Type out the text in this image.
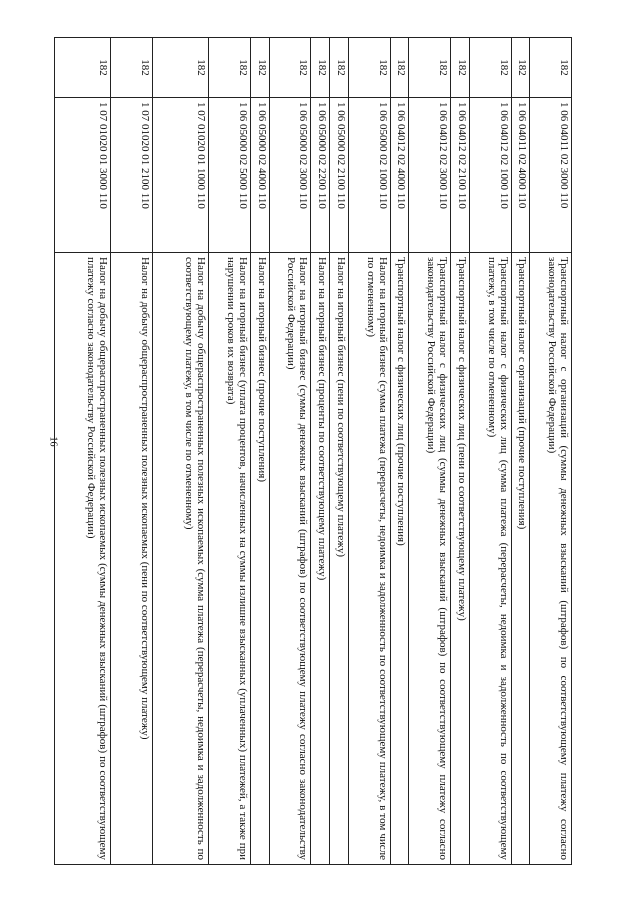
16
182	1 06 04011 02 3000 110	Транспортный налог с организаций (суммы денежных взысканий (штрафов) по соответствующему платежу согласно законодательству Российской Федерации)
182	1 06 04011 02 4000 110	Транспортный налог с организаций (прочие поступления)
182	1 06 04012 02 1000 110	Транспортный налог с физических лиц (сумма платежа (перерасчеты, недоимка и задолженность по соответствующему платежу, в том числе по отмененному)
182	1 06 04012 02 2100 110	Транспортный налог с физических лиц (пени по соответствующему платежу)
182	1 06 04012 02 3000 110	Транспортный налог с физических лиц (суммы денежных взысканий (штрафов) по соответствующему платежу согласно законодательству Российской Федерации)
182	1 06 04012 02 4000 110	Транспортный налог с физических лиц (прочие поступления)
182	1 06 05000 02 1000 110	Налог на игорный бизнес (сумма платежа (перерасчеты, недоимка и задолженность по соответствующему платежу, в том числе по отмененному)
182	1 06 05000 02 2100 110	Налог на игорный бизнес (пени по соответствующему платежу)
182	1 06 05000 02 2200 110	Налог на игорный бизнес (проценты по соответствующему платежу)
182	1 06 05000 02 3000 110	Налог на игорный бизнес (суммы денежных взысканий (штрафов) по соответствующему платежу согласно законодательству Российской Федерации)
182	1 06 05000 02 4000 110	Налог на игорный бизнес (прочие поступления)
182	1 06 05000 02 5000 110	Налог на игорный бизнес (уплата процентов, начисленных на суммы излишне взысканных (уплаченных) платежей, а также при нарушении сроков их возврата)
182	1 07 01020 01 1000 110	Налог на добычу общераспространенных полезных ископаемых (сумма платежа (перерасчеты, недоимка и задолженность по соответствующему платежу, в том числе по отмененному)
182	1 07 01020 01 2100 110	Налог на добычу общераспространенных полезных ископаемых (пени по соответствующему платежу)
182	1 07 01020 01 3000 110	Налог на добычу общераспространенных полезных ископаемых (суммы денежных взысканий (штрафов) по соответствующему платежу согласно законодательству Российской Федерации)
